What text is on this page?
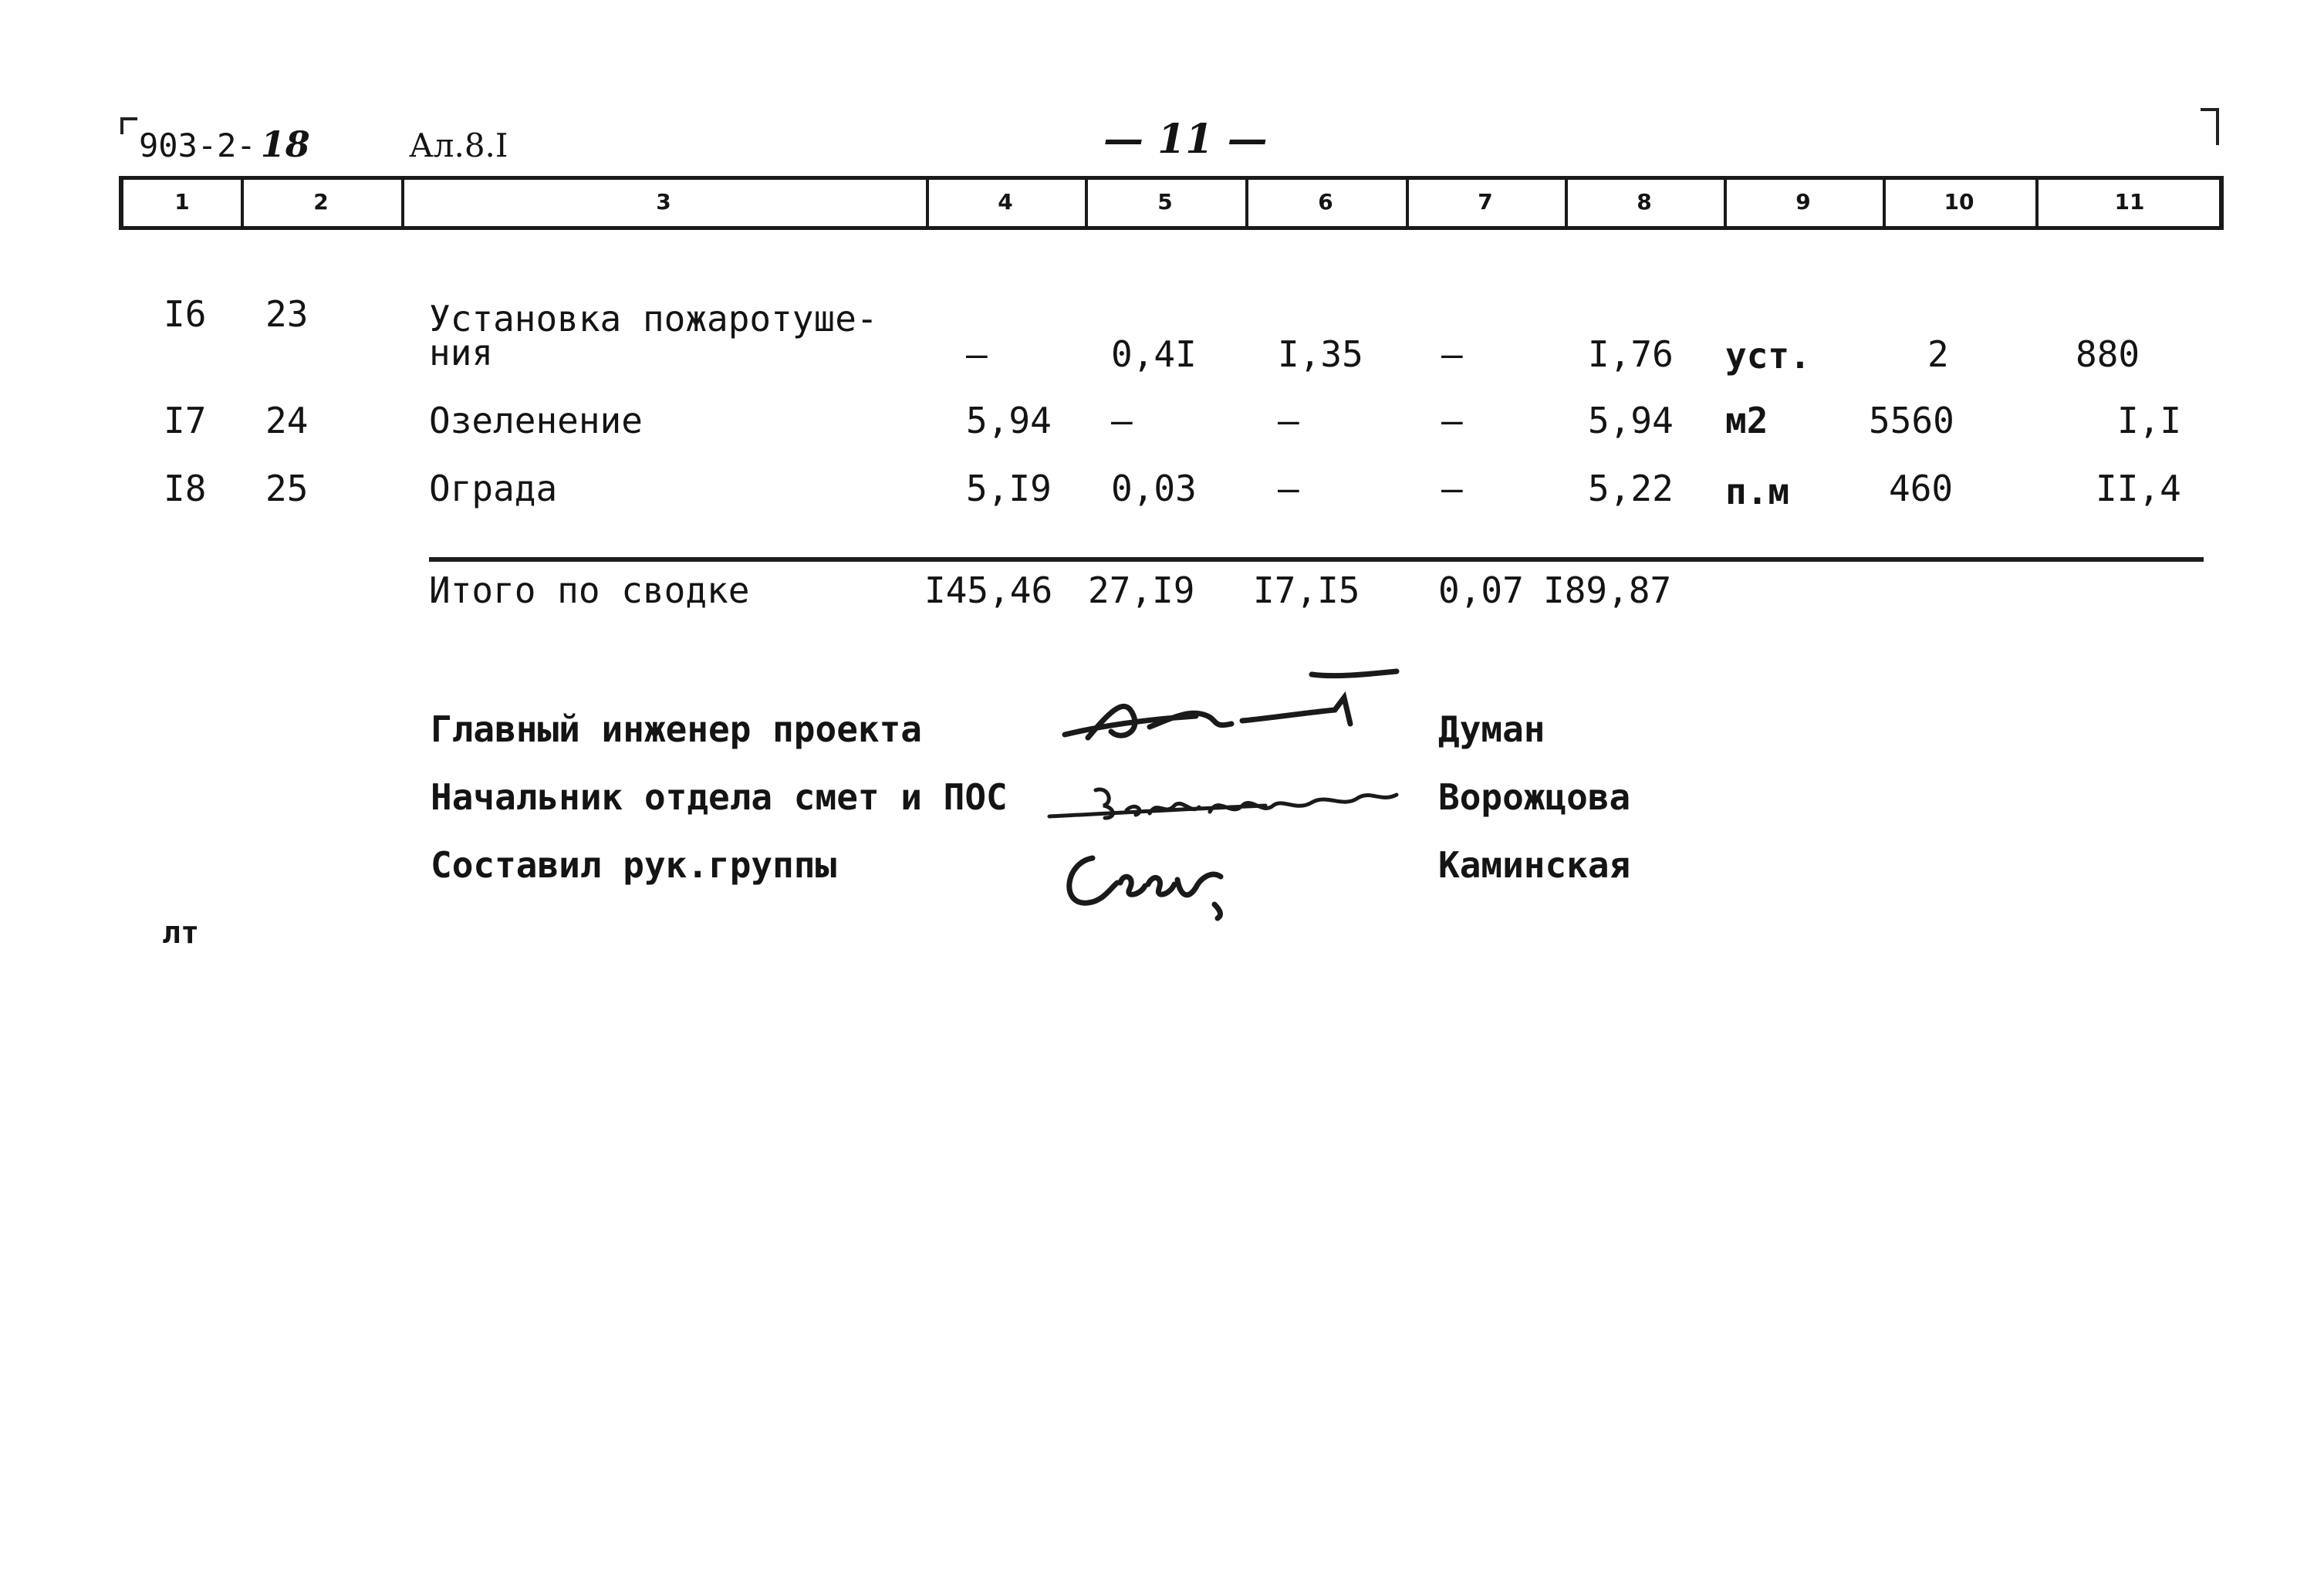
903-2- 18	Ал.8.I	— 11 —
1	2	3	4	5	6	7	8	9	10	11
I6 23	Установка пожаротуше-
ния	–	0,4I I,35 –	I,76 уст.	2	880
I7 24	Озеленение	5,94 –	–	–	5,94 м2	5560	I,I
I8 25	Ограда	5,I9 0,03 –	–	5,22 п.м	460	II,4
Итого по сводке	I45,46 27,I9 I7,I5 0,07 I89,87
Главный инженер проекта	Думан
Начальник отдела смет и ПОС	Ворожцова
Составил рук.группы	Каминская
лт
